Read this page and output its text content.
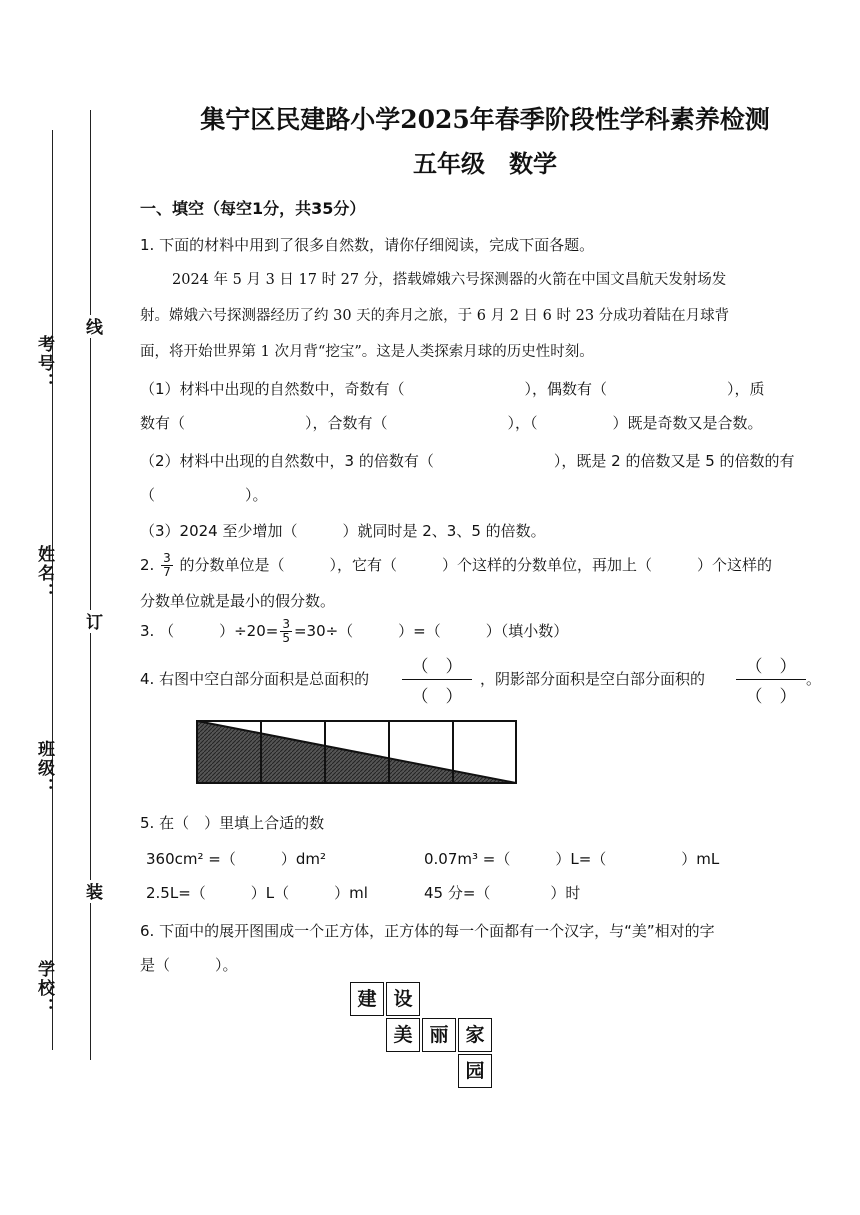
考号：
姓名：
班级：
学校：
线
订
装
集宁区民建路小学2025年春季阶段性学科素养检测
五年级　数学
一、填空（每空1分，共35分）
1. 下面的材料中用到了很多自然数，请你仔细阅读，完成下面各题。
2024 年 5 月 3 日 17 时 27 分，搭载嫦娥六号探测器的火箭在中国文昌航天发射场发
射。嫦娥六号探测器经历了约 30 天的奔月之旅，于 6 月 2 日 6 时 23 分成功着陆在月球背
面，将开始世界第 1 次月背“挖宝”。这是人类探索月球的历史性时刻。
（1）材料中出现的自然数中，奇数有（　　　　　　　　），偶数有（　　　　　　　　），质
数有（　　　　　　　　），合数有（　　　　　　　　），（　　　　　）既是奇数又是合数。
（2）材料中出现的自然数中，3 的倍数有（　　　　　　　　），既是 2 的倍数又是 5 的倍数的有
（　　　　　　）。
（3）2024 至少增加（　　　）就同时是 2、3、5 的倍数。
2. $\frac{3}{7}$ 的分数单位是（　　　），它有（　　　）个这样的分数单位，再加上（　　　）个这样的
分数单位就是最小的假分数。
3. （　　　）$\div 20= \frac{3}{5} =30\div$（　　　）=（　　　）（填小数）
4. 右图中空白部分面积是总面积的
（　）
（　）
，阴影部分面积是空白部分面积的
（　）
（　）
。
5. 在（　）里填上合适的数
360cm² =（　　　）dm²	0.07m³ =（　　　）L=（　　　　　）mL
2.5L=（　　　）L（　　　）ml	45 分=（　　　　）时
6. 下面中的展开图围成一个正方体，正方体的每一个面都有一个汉字，与“美”相对的字
是（　　　）。
建 设
美 丽 家
园
